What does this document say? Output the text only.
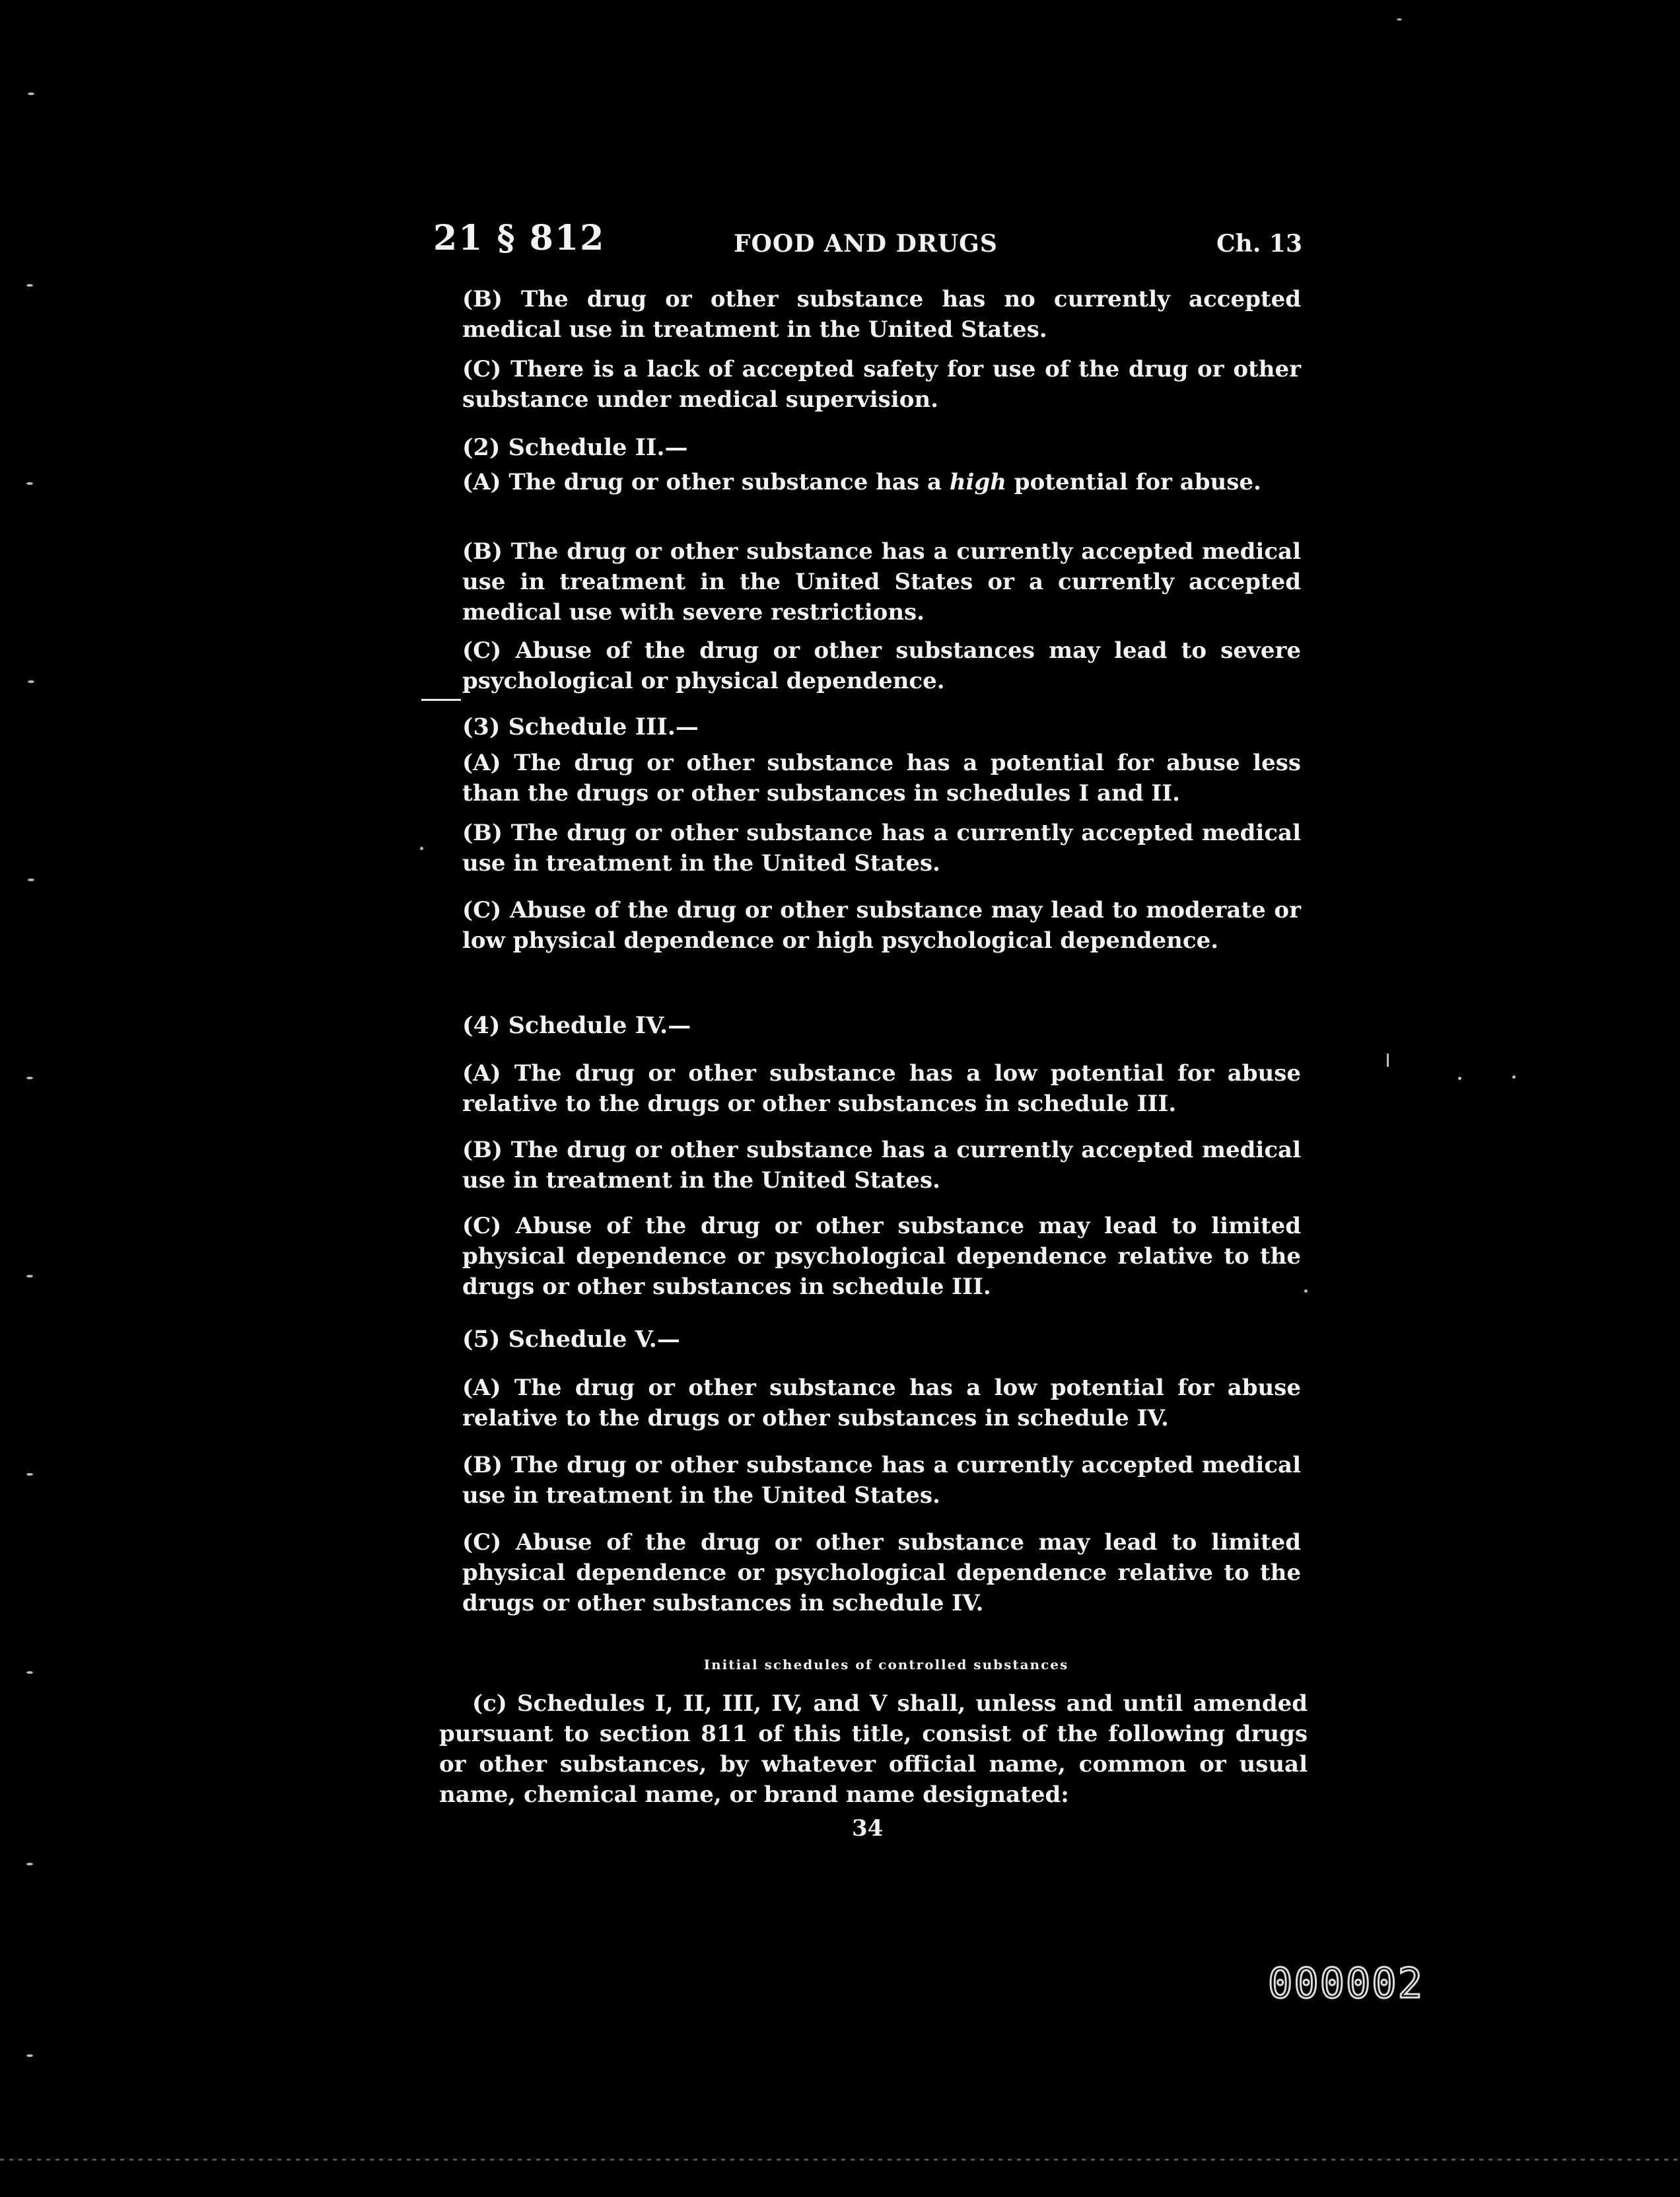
21 § 812	FOOD AND DRUGS	Ch. 13
(B) The drug or other substance has no currently accepted medical use in treatment in the United States.
(C) There is a lack of accepted safety for use of the drug or other substance under medical supervision.
(2) Schedule II.—
(A) The drug or other substance has a high potential for abuse.
(B) The drug or other substance has a currently accepted medical use in treatment in the United States or a currently accepted medical use with severe restrictions.
(C) Abuse of the drug or other substances may lead to severe psychological or physical dependence.
(3) Schedule III.—
(A) The drug or other substance has a potential for abuse less than the drugs or other substances in schedules I and II.
(B) The drug or other substance has a currently accepted medical use in treatment in the United States.
(C) Abuse of the drug or other substance may lead to moderate or low physical dependence or high psychological dependence.
(4) Schedule IV.—
(A) The drug or other substance has a low potential for abuse relative to the drugs or other substances in schedule III.
(B) The drug or other substance has a currently accepted medical use in treatment in the United States.
(C) Abuse of the drug or other substance may lead to limited physical dependence or psychological dependence relative to the drugs or other substances in schedule III.
(5) Schedule V.—
(A) The drug or other substance has a low potential for abuse relative to the drugs or other substances in schedule IV.
(B) The drug or other substance has a currently accepted medical use in treatment in the United States.
(C) Abuse of the drug or other substance may lead to limited physical dependence or psychological dependence relative to the drugs or other substances in schedule IV.
Initial schedules of controlled substances
(c) Schedules I, II, III, IV, and V shall, unless and until amended pursuant to section 811 of this title, consist of the following drugs or other substances, by whatever official name, common or usual name, chemical name, or brand name designated:
34
000002
